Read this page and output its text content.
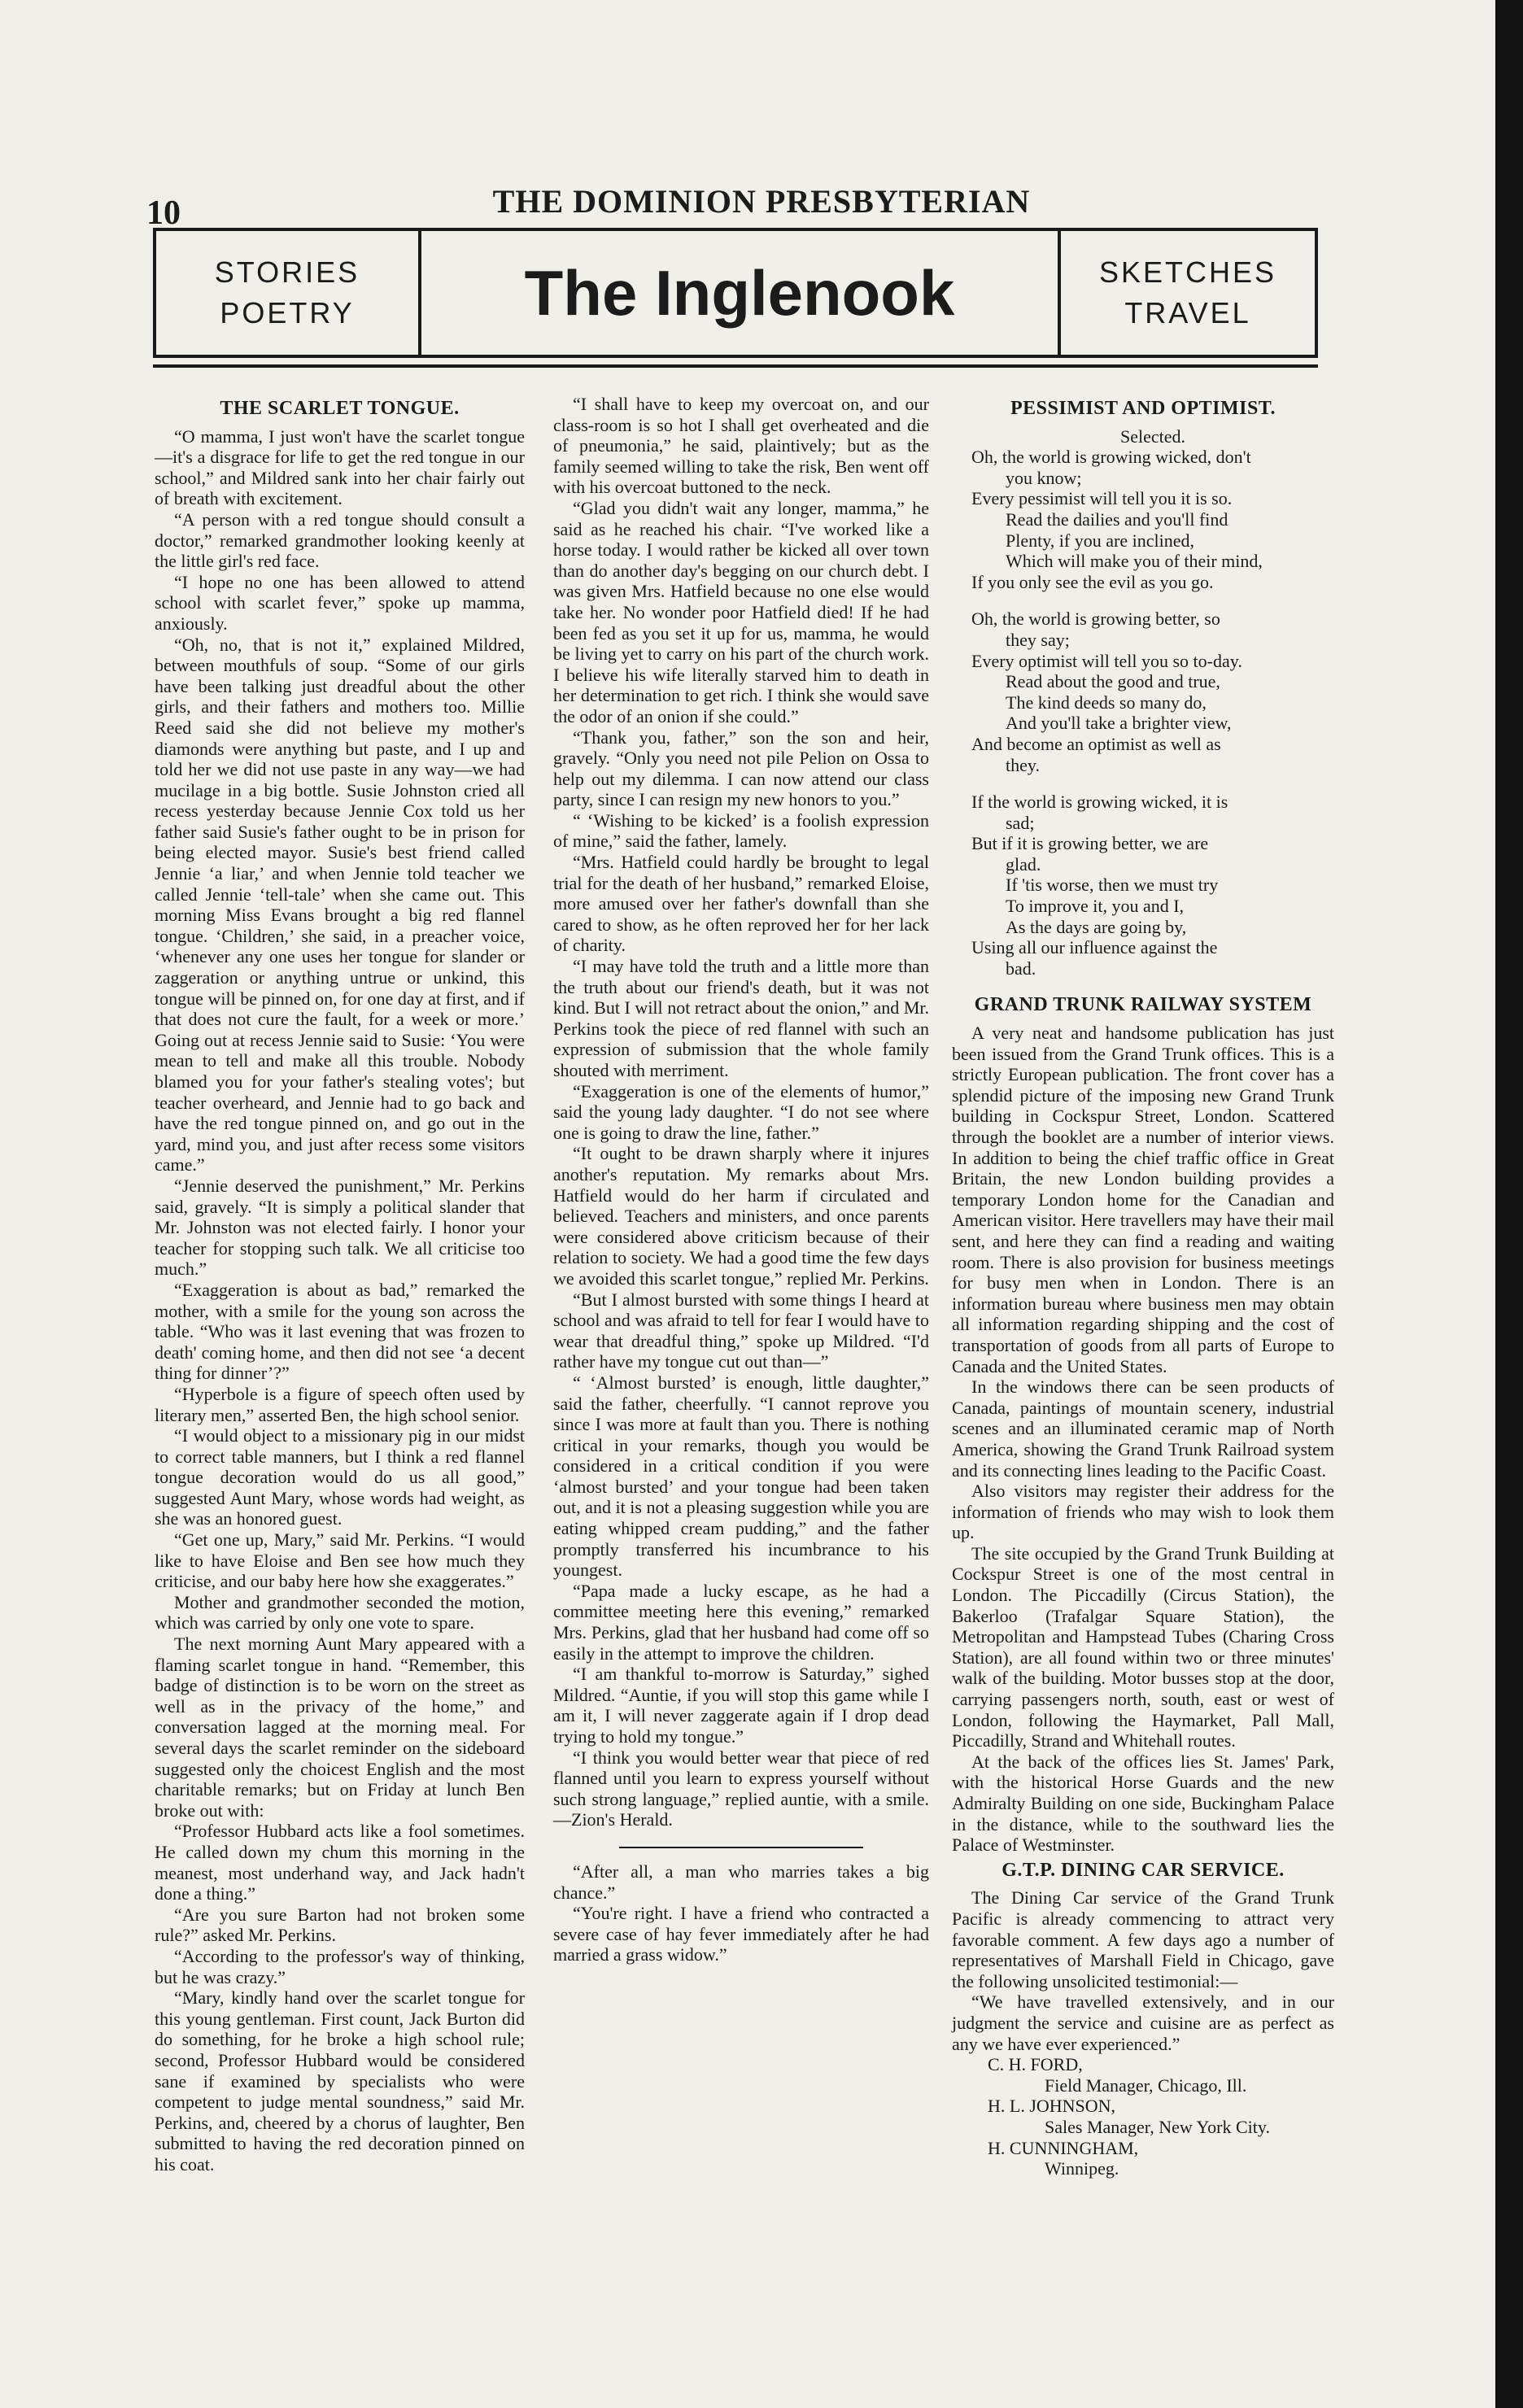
10	THE DOMINION PRESBYTERIAN
STORIES
POETRY	The Inglenook	SKETCHES
TRAVEL
THE SCARLET TONGUE.

“O mamma, I just won't have the scarlet tongue—it's a disgrace for life to get the red tongue in our school,” and Mildred sank into her chair fairly out of breath with excitement.

“A person with a red tongue should consult a doctor,” remarked grandmother looking keenly at the little girl's red face.

“I hope no one has been allowed to attend school with scarlet fever,” spoke up mamma, anxiously.

“Oh, no, that is not it,” explained Mildred, between mouthfuls of soup. “Some of our girls have been talking just dreadful about the other girls, and their fathers and mothers too. Millie Reed said she did not believe my mother's diamonds were anything but paste, and I up and told her we did not use paste in any way—we had mucilage in a big bottle. Susie Johnston cried all recess yesterday because Jennie Cox told us her father said Susie's father ought to be in prison for being elected mayor. Susie's best friend called Jennie ‘a liar,’ and when Jennie told teacher we called Jennie ‘tell-tale’ when she came out. This morning Miss Evans brought a big red flannel tongue. ‘Children,’ she said, in a preacher voice, ‘whenever any one uses her tongue for slander or zaggeration or anything untrue or unkind, this tongue will be pinned on, for one day at first, and if that does not cure the fault, for a week or more.’ Going out at recess Jennie said to Susie: ‘You were mean to tell and make all this trouble. Nobody blamed you for your father's stealing votes'; but teacher overheard, and Jennie had to go back and have the red tongue pinned on, and go out in the yard, mind you, and just after recess some visitors came.”

“Jennie deserved the punishment,” Mr. Perkins said, gravely. “It is simply a political slander that Mr. Johnston was not elected fairly. I honor your teacher for stopping such talk. We all criticise too much.”

“Exaggeration is about as bad,” remarked the mother, with a smile for the young son across the table. “Who was it last evening that was frozen to death' coming home, and then did not see ‘a decent thing for dinner’?”

“Hyperbole is a figure of speech often used by literary men,” asserted Ben, the high school senior.

“I would object to a missionary pig in our midst to correct table manners, but I think a red flannel tongue decoration would do us all good,” suggested Aunt Mary, whose words had weight, as she was an honored guest.

“Get one up, Mary,” said Mr. Perkins. “I would like to have Eloise and Ben see how much they criticise, and our baby here how she exaggerates.”

Mother and grandmother seconded the motion, which was carried by only one vote to spare.

The next morning Aunt Mary appeared with a flaming scarlet tongue in hand. “Remember, this badge of distinction is to be worn on the street as well as in the privacy of the home,” and conversation lagged at the morning meal. For several days the scarlet reminder on the sideboard suggested only the choicest English and the most charitable remarks; but on Friday at lunch Ben broke out with:

“Professor Hubbard acts like a fool sometimes. He called down my chum this morning in the meanest, most underhand way, and Jack hadn't done a thing.”

“Are you sure Barton had not broken some rule?” asked Mr. Perkins.

“According to the professor's way of thinking, but he was crazy.”

“Mary, kindly hand over the scarlet tongue for this young gentleman. First count, Jack Burton did do something, for he broke a high school rule; second, Professor Hubbard would be considered sane if examined by specialists who were competent to judge mental soundness,” said Mr. Perkins, and, cheered by a chorus of laughter, Ben submitted to having the red decoration pinned on his coat.

“I shall have to keep my overcoat on, and our class-room is so hot I shall get overheated and die of pneumonia,” he said, plaintively; but as the family seemed willing to take the risk, Ben went off with his overcoat buttoned to the neck.

“Glad you didn't wait any longer, mamma,” he said as he reached his chair. “I've worked like a horse today. I would rather be kicked all over town than do another day's begging on our church debt. I was given Mrs. Hatfield because no one else would take her. No wonder poor Hatfield died! If he had been fed as you set it up for us, mamma, he would be living yet to carry on his part of the church work. I believe his wife literally starved him to death in her determination to get rich. I think she would save the odor of an onion if she could.”

“Thank you, father,” son the son and heir, gravely. “Only you need not pile Pelion on Ossa to help out my dilemma. I can now attend our class party, since I can resign my new honors to you.”

“ ‘Wishing to be kicked’ is a foolish expression of mine,” said the father, lamely.

“Mrs. Hatfield could hardly be brought to legal trial for the death of her husband,” remarked Eloise, more amused over her father's downfall than she cared to show, as he often reproved her for her lack of charity.

“I may have told the truth and a little more than the truth about our friend's death, but it was not kind. But I will not retract about the onion,” and Mr. Perkins took the piece of red flannel with such an expression of submission that the whole family shouted with merriment.

“Exaggeration is one of the elements of humor,” said the young lady daughter. “I do not see where one is going to draw the line, father.”

“It ought to be drawn sharply where it injures another's reputation. My remarks about Mrs. Hatfield would do her harm if circulated and believed. Teachers and ministers, and once parents were considered above criticism because of their relation to society. We had a good time the few days we avoided this scarlet tongue,” replied Mr. Perkins.

“But I almost bursted with some things I heard at school and was afraid to tell for fear I would have to wear that dreadful thing,” spoke up Mildred. “I'd rather have my tongue cut out than—”

“ ‘Almost bursted’ is enough, little daughter,” said the father, cheerfully. “I cannot reprove you since I was more at fault than you. There is nothing critical in your remarks, though you would be considered in a critical condition if you were ‘almost bursted’ and your tongue had been taken out, and it is not a pleasing suggestion while you are eating whipped cream pudding,” and the father promptly transferred his incumbrance to his youngest.

“Papa made a lucky escape, as he had a committee meeting here this evening,” remarked Mrs. Perkins, glad that her husband had come off so easily in the attempt to improve the children.

“I am thankful to-morrow is Saturday,” sighed Mildred. “Auntie, if you will stop this game while I am it, I will never zaggerate again if I drop dead trying to hold my tongue.”

“I think you would better wear that piece of red flanned until you learn to express yourself without such strong language,” replied auntie, with a smile.—Zion's Herald.

“After all, a man who marries takes a big chance.”

“You're right. I have a friend who contracted a severe case of hay fever immediately after he had married a grass widow.”

PESSIMIST AND OPTIMIST.

Selected.

Oh, the world is growing wicked, don't

you know;

Every pessimist will tell you it is so.

Read the dailies and you'll find

Plenty, if you are inclined,

Which will make you of their mind,

If you only see the evil as you go.

Oh, the world is growing better, so

they say;

Every optimist will tell you so to-day.

Read about the good and true,

The kind deeds so many do,

And you'll take a brighter view,

And become an optimist as well as

they.

If the world is growing wicked, it is

sad;

But if it is growing better, we are

glad.

If 'tis worse, then we must try

To improve it, you and I,

As the days are going by,

Using all our influence against the

bad.

GRAND TRUNK RAILWAY SYSTEM

A very neat and handsome publication has just been issued from the Grand Trunk offices. This is a strictly European publication. The front cover has a splendid picture of the imposing new Grand Trunk building in Cockspur Street, London. Scattered through the booklet are a number of interior views. In addition to being the chief traffic office in Great Britain, the new London building provides a temporary London home for the Canadian and American visitor. Here travellers may have their mail sent, and here they can find a reading and waiting room. There is also provision for business meetings for busy men when in London. There is an information bureau where business men may obtain all information regarding shipping and the cost of transportation of goods from all parts of Europe to Canada and the United States.

In the windows there can be seen products of Canada, paintings of mountain scenery, industrial scenes and an illuminated ceramic map of North America, showing the Grand Trunk Railroad system and its connecting lines leading to the Pacific Coast.

Also visitors may register their address for the information of friends who may wish to look them up.

The site occupied by the Grand Trunk Building at Cockspur Street is one of the most central in London. The Piccadilly (Circus Station), the Bakerloo (Trafalgar Square Station), the Metropolitan and Hampstead Tubes (Charing Cross Station), are all found within two or three minutes' walk of the building. Motor busses stop at the door, carrying passengers north, south, east or west of London, following the Haymarket, Pall Mall, Piccadilly, Strand and Whitehall routes.

At the back of the offices lies St. James' Park, with the historical Horse Guards and the new Admiralty Building on one side, Buckingham Palace in the distance, while to the southward lies the Palace of Westminster.

G.T.P. DINING CAR SERVICE.

The Dining Car service of the Grand Trunk Pacific is already commencing to attract very favorable comment. A few days ago a number of representatives of Marshall Field in Chicago, gave the following unsolicited testimonial:—

“We have travelled extensively, and in our judgment the service and cuisine are as perfect as any we have ever experienced.”

C. H. FORD,

Field Manager, Chicago, Ill.

H. L. JOHNSON,

Sales Manager, New York City.

H. CUNNINGHAM,

Winnipeg.
